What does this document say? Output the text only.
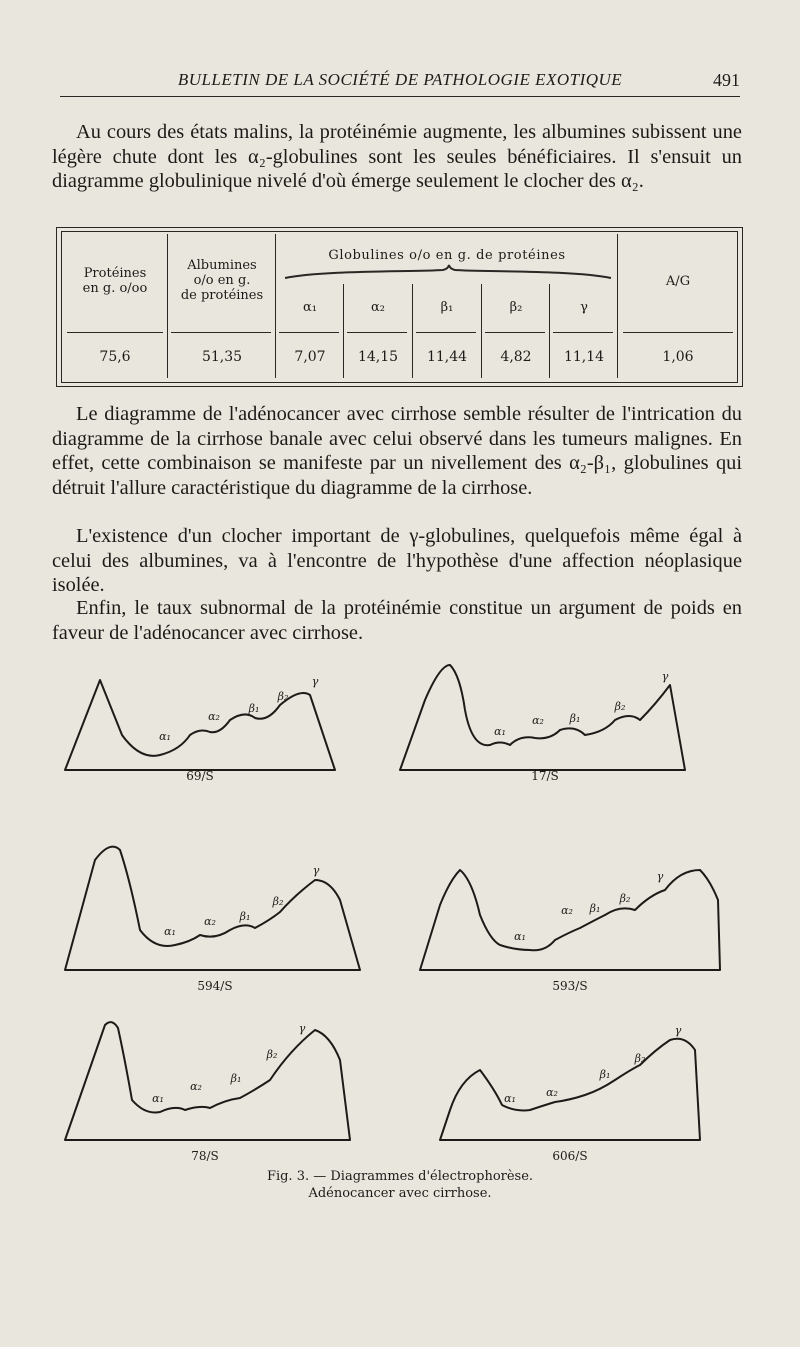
BULLETIN DE LA SOCIÉTÉ DE PATHOLOGIE EXOTIQUE	491

Au cours des états malins, la protéinémie augmente, les albumines subissent une légère chute dont les α₂-globulines sont les seules bénéficiaires. Il s'ensuit un diagramme globulinique nivelé d'où émerge seulement le clocher des α₂.

Protéines
en g. o/oo
Albumines
o/o en g.
de protéines
Globulines o/o en g. de protéines
α₁	α₂	β₁	β₂	γ
A/G
75,6	51,35	7,07	14,15	11,44	4,82	11,14	1,06

Le diagramme de l'adénocancer avec cirrhose semble résulter de l'intrication du diagramme de la cirrhose banale avec celui observé dans les tumeurs malignes. En effet, cette combinaison se manifeste par un nivellement des α₂-β₁, globulines qui détruit l'allure caractéristique du diagramme de la cirrhose.

L'existence d'un clocher important de γ-globulines, quelquefois même égal à celui des albumines, va à l'encontre de l'hypothèse d'une affection néoplasique isolée.

Enfin, le taux subnormal de la protéinémie constitue un argument de poids en faveur de l'adénocancer avec cirrhose.

69/S	17/S
594/S	593/S
78/S	606/S
α₁
α₂
β₁
β₂
γ
α₁
α₂ β₁
β₂
γ
α₁
α₂ β₁
β₂
γ
α₁
α₂ β₁
β₂
γ
α₁
α₂
β₁
β₂
γ
α₁	α₂
β₁
β₂
γ
Fig. 3. — Diagrammes d'électrophorèse.
Adénocancer avec cirrhose.
